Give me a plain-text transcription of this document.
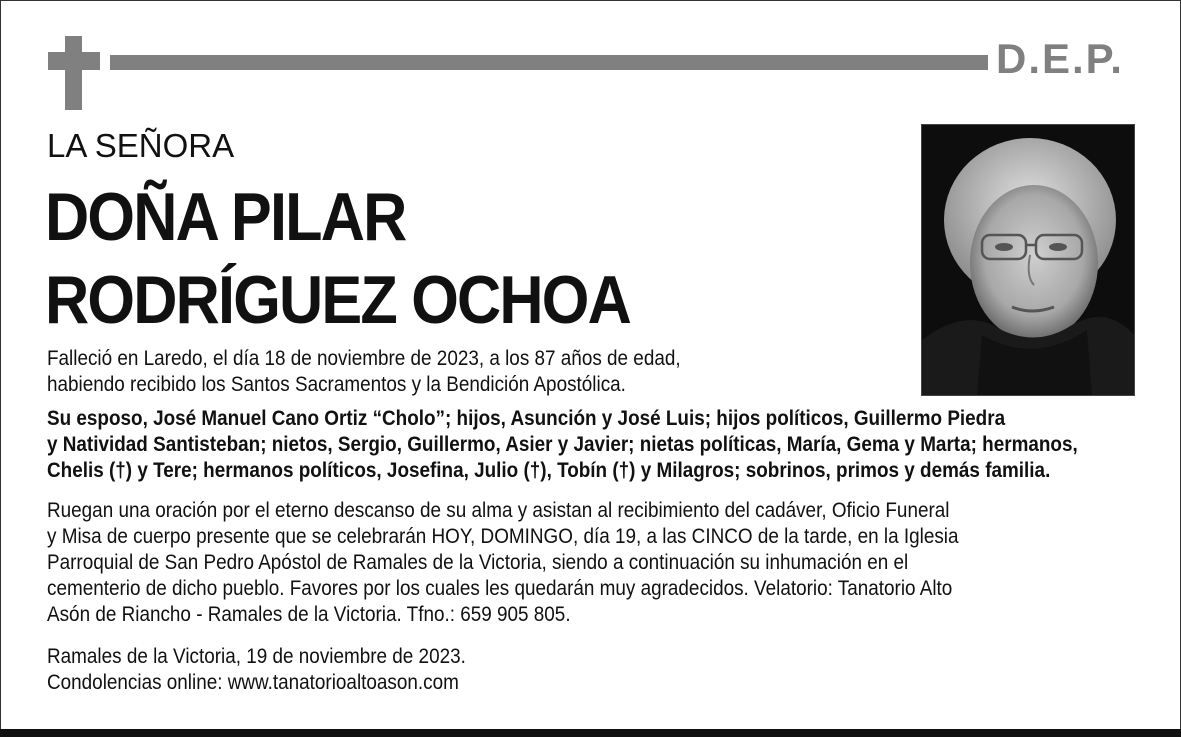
D.E.P.
LA SEÑORA
DOÑA PILAR
RODRÍGUEZ OCHOA
Falleció en Laredo, el día 18 de noviembre de 2023, a los 87 años de edad,
habiendo recibido los Santos Sacramentos y la Bendición Apostólica.
Su esposo, José Manuel Cano Ortiz “Cholo”; hijos, Asunción y José Luis; hijos políticos, Guillermo Piedra
y Natividad Santisteban; nietos, Sergio, Guillermo, Asier y Javier; nietas políticas, María, Gema y Marta; hermanos,
Chelis (†) y Tere; hermanos políticos, Josefina, Julio (†), Tobín (†) y Milagros; sobrinos, primos y demás familia.
Ruegan una oración por el eterno descanso de su alma y asistan al recibimiento del cadáver, Oficio Funeral
y Misa de cuerpo presente que se celebrarán HOY, DOMINGO, día 19, a las CINCO de la tarde, en la Iglesia
Parroquial de San Pedro Apóstol de Ramales de la Victoria, siendo a continuación su inhumación en el
cementerio de dicho pueblo. Favores por los cuales les quedarán muy agradecidos. Velatorio: Tanatorio Alto
Asón de Riancho - Ramales de la Victoria. Tfno.: 659 905 805.
Ramales de la Victoria, 19 de noviembre de 2023.
Condolencias online: www.tanatorioaltoason.com
